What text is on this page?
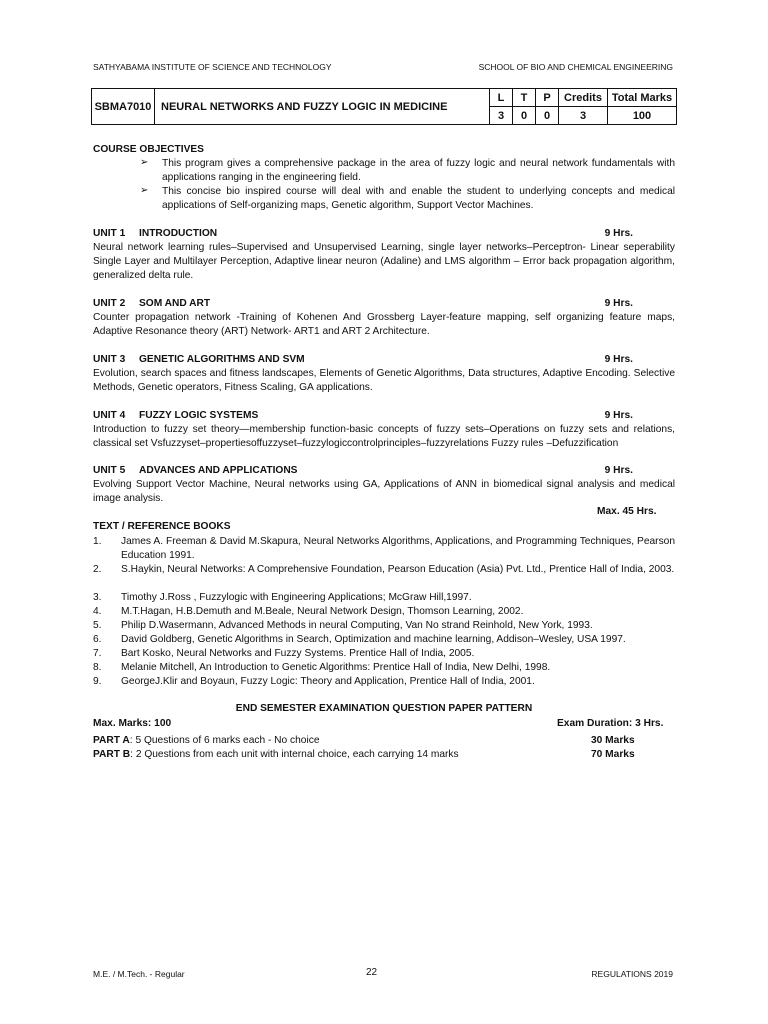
SATHYABAMA INSTITUTE OF SCIENCE AND TECHNOLOGY	SCHOOL OF BIO AND CHEMICAL ENGINEERING
SBMA7010	NEURAL NETWORKS AND FUZZY LOGIC IN MEDICINE	L	T	P	Credits	Total Marks
		3	0	0	3	100
COURSE OBJECTIVES
➢ This program gives a comprehensive package in the area of fuzzy logic and neural network fundamentals with applications ranging in the engineering field.
➢ This concise bio inspired course will deal with and enable the student to underlying concepts and medical applications of Self-organizing maps, Genetic algorithm, Support Vector Machines.
UNIT 1 INTRODUCTION	9 Hrs.
Neural network learning rules–Supervised and Unsupervised Learning, single layer networks–Perceptron- Linear seperability Single Layer and Multilayer Perception, Adaptive linear neuron (Adaline) and LMS algorithm – Error back propagation algorithm, generalized delta rule.
UNIT 2 SOM AND ART	9 Hrs.
Counter propagation network -Training of Kohenen And Grossberg Layer-feature mapping, self organizing feature maps, Adaptive Resonance theory (ART) Network- ART1 and ART 2 Architecture.
UNIT 3 GENETIC ALGORITHMS AND SVM	9 Hrs.
Evolution, search spaces and fitness landscapes, Elements of Genetic Algorithms, Data structures, Adaptive Encoding. Selective Methods, Genetic operators, Fitness Scaling, GA applications.
UNIT 4 FUZZY LOGIC SYSTEMS	9 Hrs.
Introduction to fuzzy set theory—membership function-basic concepts of fuzzy sets–Operations on fuzzy sets and relations, classical set Vsfuzzyset–propertiesoffuzzyset–fuzzylogiccontrolprinciples–fuzzyrelations Fuzzy rules –Defuzzification
UNIT 5 ADVANCES AND APPLICATIONS	9 Hrs.
Evolving Support Vector Machine, Neural networks using GA, Applications of ANN in biomedical signal analysis and medical image analysis.
Max. 45 Hrs.
TEXT / REFERENCE BOOKS
1. James A. Freeman & David M.Skapura, Neural Networks Algorithms, Applications, and Programming Techniques, Pearson Education 1991.
2. S.Haykin, Neural Networks: A Comprehensive Foundation, Pearson Education (Asia) Pvt. Ltd., Prentice Hall of India, 2003.
3. Timothy J.Ross , Fuzzylogic with Engineering Applications; McGraw Hill,1997.
4. M.T.Hagan, H.B.Demuth and M.Beale, Neural Network Design, Thomson Learning, 2002.
5. Philip D.Wasermann, Advanced Methods in neural Computing, Van No strand Reinhold, New York, 1993.
6. David Goldberg, Genetic Algorithms in Search, Optimization and machine learning, Addison–Wesley, USA 1997.
7. Bart Kosko, Neural Networks and Fuzzy Systems. Prentice Hall of India, 2005.
8. Melanie Mitchell, An Introduction to Genetic Algorithms: Prentice Hall of India, New Delhi, 1998.
9. GeorgeJ.Klir and Boyaun, Fuzzy Logic: Theory and Application, Prentice Hall of India, 2001.
END SEMESTER EXAMINATION QUESTION PAPER PATTERN
Max. Marks: 100	Exam Duration: 3 Hrs.
PART A: 5 Questions of 6 marks each - No choice	30 Marks
PART B: 2 Questions from each unit with internal choice, each carrying 14 marks	70 Marks
M.E. / M.Tech. - Regular	22	REGULATIONS 2019
